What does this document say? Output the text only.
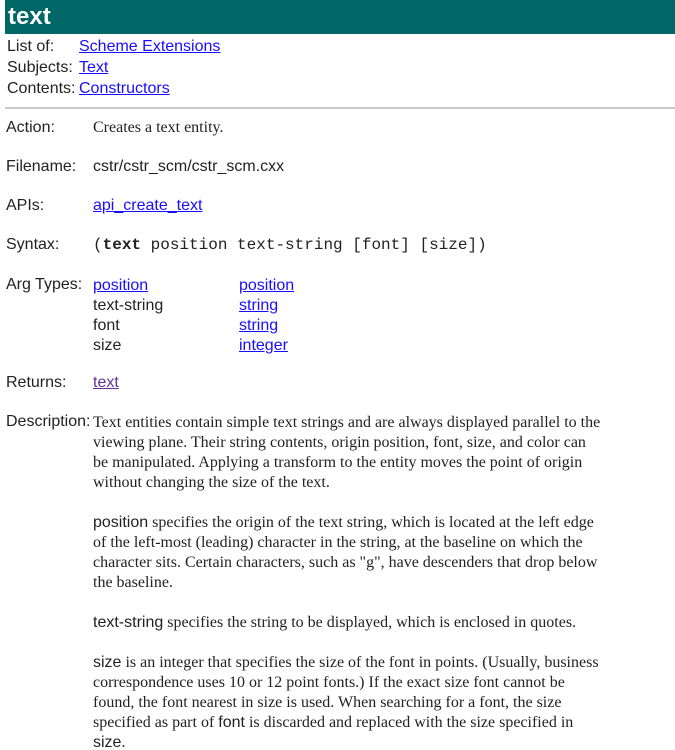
text
List of:	Scheme Extensions
Subjects: Text
Contents: Constructors
Action:	Creates a text entity.
Filename:	cstr/cstr_scm/cstr_scm.cxx
APIs:	api_create_text
Syntax:	(text position text-string [font] [size])
Arg Types: position	position
text-string	string
font	string
size	integer
Returns:	text
Description: Text entities contain simple text strings and are always displayed parallel to the viewing plane. Their string contents, origin position, font, size, and color can be manipulated. Applying a transform to the entity moves the point of origin without changing the size of the text.

position specifies the origin of the text string, which is located at the left edge of the left-most (leading) character in the string, at the baseline on which the character sits. Certain characters, such as "g", have descenders that drop below the baseline.

text-string specifies the string to be displayed, which is enclosed in quotes.

size is an integer that specifies the size of the font in points. (Usually, business correspondence uses 10 or 12 point fonts.) If the exact size font cannot be found, the font nearest in size is used. When searching for a font, the size specified as part of font is discarded and replaced with the size specified in size.
